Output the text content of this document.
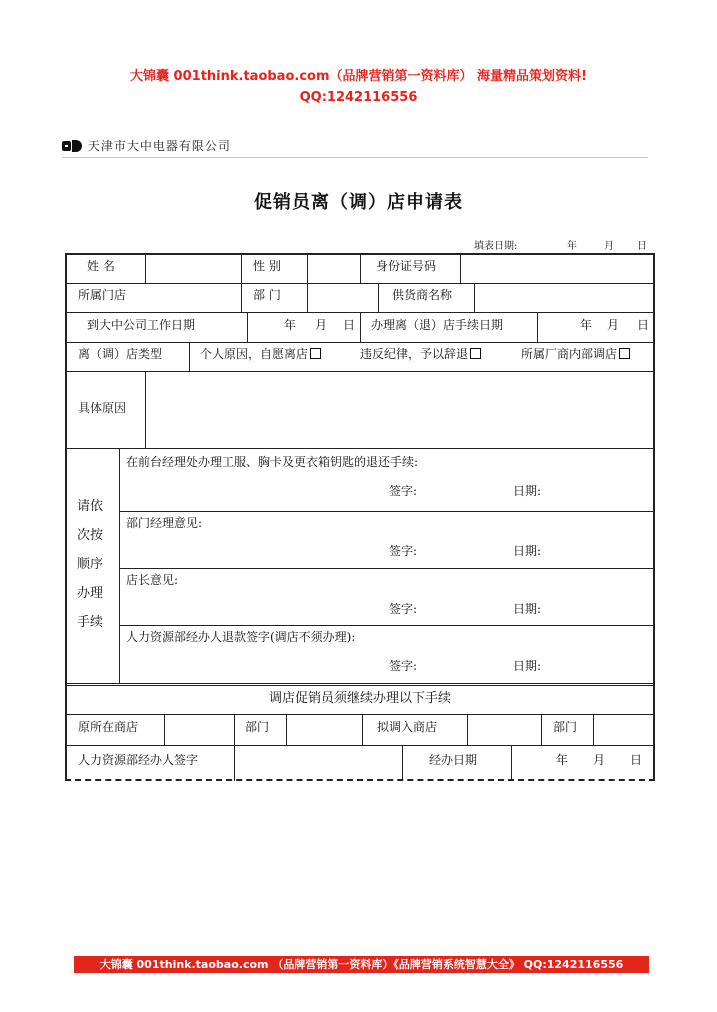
大锦囊 001think.taobao.com（品牌营销第一资料库） 海量精品策划资料!
QQ:1242116556
天津市大中电器有限公司
促销员离（调）店申请表
填表日期:	年	月 日
姓 名	性 别	身份证号码
所属门店	部 门	供货商名称
到大中公司工作日期	年 月 日 办理离（退）店手续日期	年 月 日
离（调）店类型	个人原因，自愿离店	违反纪律，予以辞退	所属厂商内部调店
具体原因
请依
次按
顺序
办理
手续
在前台经理处办理工服、胸卡及更衣箱钥匙的退还手续:
签字:	日期:
部门经理意见:
签字:	日期:
店长意见:
签字:	日期:
人力资源部经办人退款签字(调店不须办理):
签字:	日期:
调店促销员须继续办理以下手续
原所在商店	部门	拟调入商店	部门
人力资源部经办人签字	经办日期	年 月 日
大锦囊 001think.taobao.com （品牌营销第一资料库）《品牌营销系统智慧大全》 QQ:1242116556
